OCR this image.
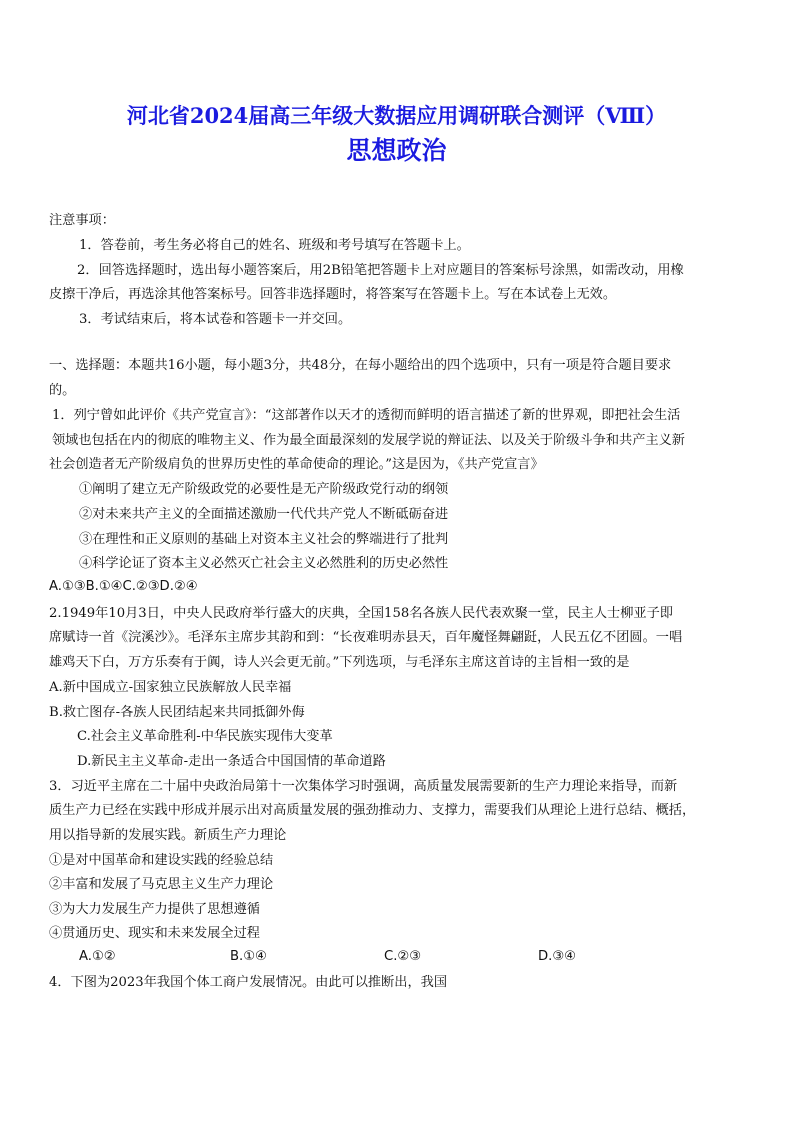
河北省2024届高三年级大数据应用调研联合测评（Ⅷ）
思想政治
注意事项：
1．答卷前，考生务必将自己的姓名、班级和考号填写在答题卡上。
2．回答选择题时，选出每小题答案后，用2B铅笔把答题卡上对应题目的答案标号涂黑，如需改动，用橡
皮擦干净后，再选涂其他答案标号。回答非选择题时，将答案写在答题卡上。写在本试卷上无效。
3．考试结束后，将本试卷和答题卡一并交回。
一、选择题：本题共16小题，每小题3分，共48分，在每小题给出的四个选项中，只有一项是符合题目要求
的。
1．列宁曾如此评价《共产党宣言》：“这部著作以天才的透彻而鲜明的语言描述了新的世界观，即把社会生活
领域也包括在内的彻底的唯物主义、作为最全面最深刻的发展学说的辩证法、以及关于阶级斗争和共产主义新
社会创造者无产阶级肩负的世界历史性的革命使命的理论。”这是因为，《共产党宣言》
①阐明了建立无产阶级政党的必要性是无产阶级政党行动的纲领
②对未来共产主义的全面描述激励一代代共产党人不断砥砺奋进
③在理性和正义原则的基础上对资本主义社会的弊端进行了批判
④科学论证了资本主义必然灭亡社会主义必然胜利的历史必然性
A.①③B.①④C.②③D.②④
2.1949年10月3日，中央人民政府举行盛大的庆典，全国158名各族人民代表欢聚一堂，民主人士柳亚子即
席赋诗一首《浣溪沙》。毛泽东主席步其韵和到：“长夜难明赤县天，百年魔怪舞翩跹，人民五亿不团圆。一唱
雄鸡天下白，万方乐奏有于阗，诗人兴会更无前。”下列选项，与毛泽东主席这首诗的主旨相一致的是
A.新中国成立-国家独立民族解放人民幸福
B.救亡图存-各族人民团结起来共同抵御外侮
C.社会主义革命胜利-中华民族实现伟大变革
D.新民主主义革命-走出一条适合中国国情的革命道路
3．习近平主席在二十届中央政治局第十一次集体学习时强调，高质量发展需要新的生产力理论来指导，而新
质生产力已经在实践中形成并展示出对高质量发展的强劲推动力、支撑力，需要我们从理论上进行总结、概括，
用以指导新的发展实践。新质生产力理论
①是对中国革命和建设实践的经验总结
②丰富和发展了马克思主义生产力理论
③为大力发展生产力提供了思想遵循
④贯通历史、现实和未来发展全过程
A.①②	B.①④	C.②③	D.③④
4．下图为2023年我国个体工商户发展情况。由此可以推断出，我国
